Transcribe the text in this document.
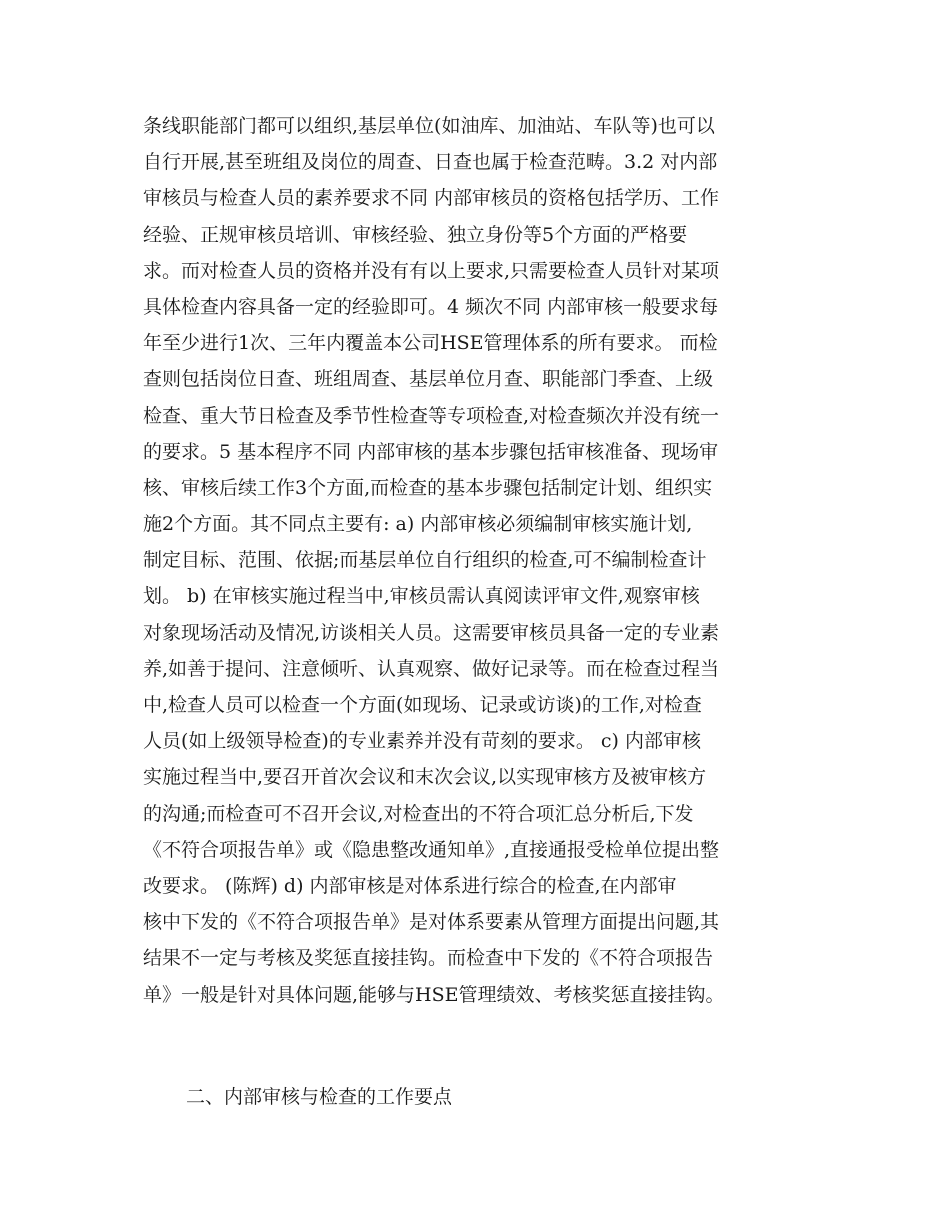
条线职能部门都可以组织,基层单位(如油库、加油站、车队等)也可以
自行开展,甚至班组及岗位的周查、日查也属于检查范畴。3.2 对内部
审核员与检查人员的素养要求不同 内部审核员的资格包括学历、工作
经验、正规审核员培训、审核经验、独立身份等5个方面的严格要
求。而对检查人员的资格并没有有以上要求,只需要检查人员针对某项
具体检查内容具备一定的经验即可。4 频次不同 内部审核一般要求每
年至少进行1次、三年内覆盖本公司HSE管理体系的所有要求。 而检
查则包括岗位日查、班组周查、基层单位月查、职能部门季查、上级
检查、重大节日检查及季节性检查等专项检查,对检查频次并没有统一
的要求。5 基本程序不同 内部审核的基本步骤包括审核准备、现场审
核、审核后续工作3个方面,而检查的基本步骤包括制定计划、组织实
施2个方面。其不同点主要有: a) 内部审核必须编制审核实施计划,
制定目标、范围、依据;而基层单位自行组织的检查,可不编制检查计
划。 b) 在审核实施过程当中,审核员需认真阅读评审文件,观察审核
对象现场活动及情况,访谈相关人员。这需要审核员具备一定的专业素
养,如善于提问、注意倾听、认真观察、做好记录等。而在检查过程当
中,检查人员可以检查一个方面(如现场、记录或访谈)的工作,对检查
人员(如上级领导检查)的专业素养并没有苛刻的要求。 c) 内部审核
实施过程当中,要召开首次会议和末次会议,以实现审核方及被审核方
的沟通;而检查可不召开会议,对检查出的不符合项汇总分析后,下发
《不符合项报告单》或《隐患整改通知单》,直接通报受检单位提出整
改要求。 (陈辉) d) 内部审核是对体系进行综合的检查,在内部审
核中下发的《不符合项报告单》是对体系要素从管理方面提出问题,其
结果不一定与考核及奖惩直接挂钩。而检查中下发的《不符合项报告
单》一般是针对具体问题,能够与HSE管理绩效、考核奖惩直接挂钩。
二、内部审核与检查的工作要点
